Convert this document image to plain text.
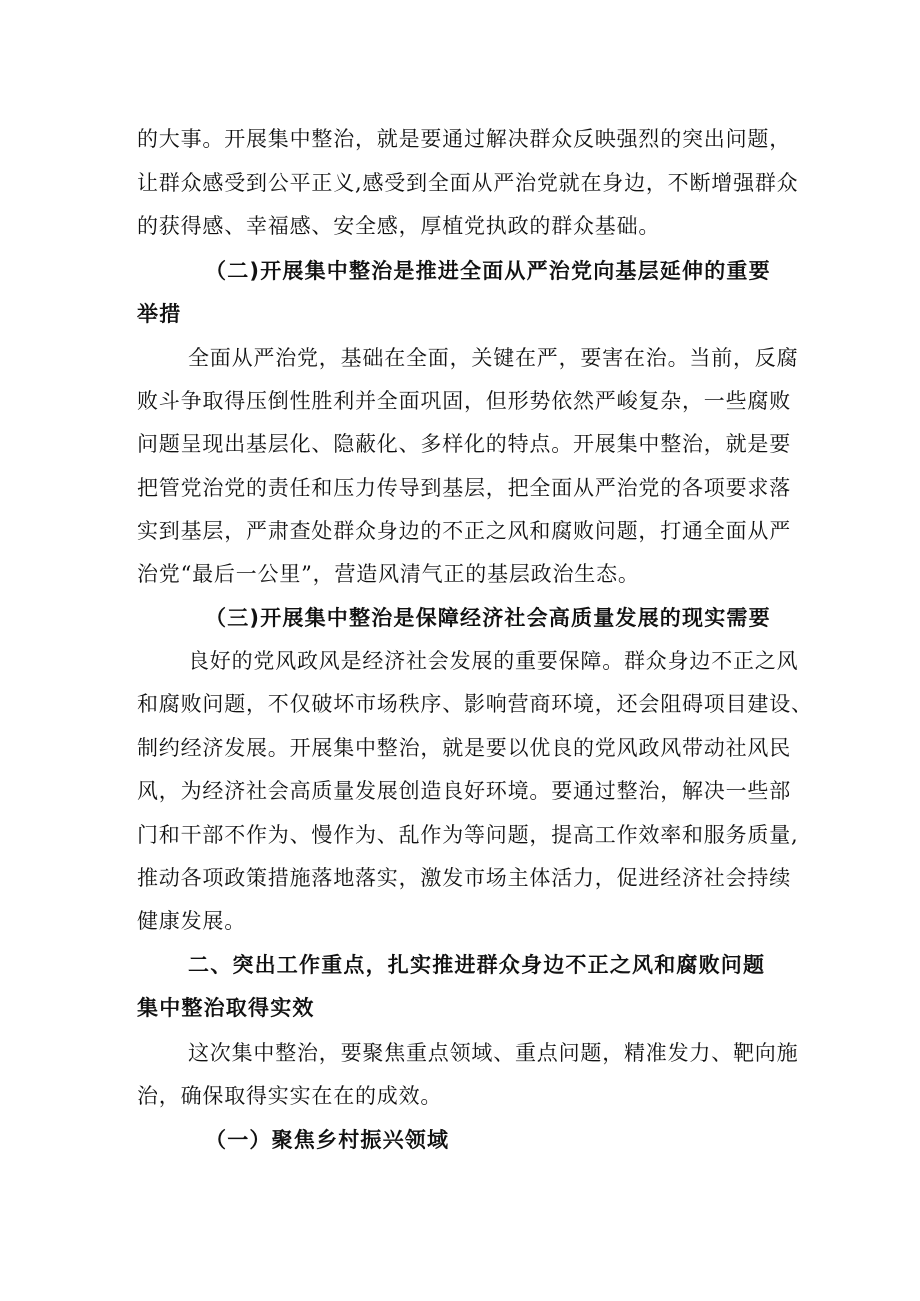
的大事。开展集中整治，就是要通过解决群众反映强烈的突出问题，
让群众感受到公平正义,感受到全面从严治党就在身边，不断增强群众
的获得感、幸福感、安全感，厚植党执政的群众基础。
（二)开展集中整治是推进全面从严治党向基层延伸的重要
举措
全面从严治党，基础在全面，关键在严，要害在治。当前，反腐
败斗争取得压倒性胜利并全面巩固，但形势依然严峻复杂，一些腐败
问题呈现出基层化、隐蔽化、多样化的特点。开展集中整治，就是要
把管党治党的责任和压力传导到基层，把全面从严治党的各项要求落
实到基层，严肃查处群众身边的不正之风和腐败问题，打通全面从严
治党“最后一公里”，营造风清气正的基层政治生态。
（三)开展集中整治是保障经济社会高质量发展的现实需要
良好的党风政风是经济社会发展的重要保障。群众身边不正之风
和腐败问题，不仅破坏市场秩序、影响营商环境，还会阻碍项目建设、
制约经济发展。开展集中整治，就是要以优良的党风政风带动社风民
风，为经济社会高质量发展创造良好环境。要通过整治，解决一些部
门和干部不作为、慢作为、乱作为等问题，提高工作效率和服务质量,
推动各项政策措施落地落实，激发市场主体活力，促进经济社会持续
健康发展。
二、突出工作重点，扎实推进群众身边不正之风和腐败问题
集中整治取得实效
这次集中整治，要聚焦重点领域、重点问题，精准发力、靶向施
治，确保取得实实在在的成效。
（一）聚焦乡村振兴领域
